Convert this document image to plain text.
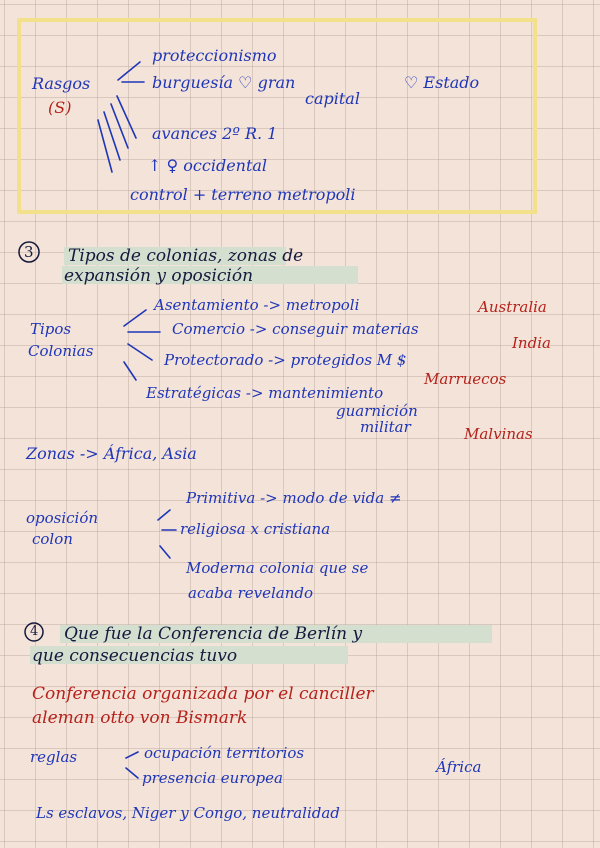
Rasgos
(S)
proteccionismo
burguesía ♡ gran
capital
♡ Estado
avances 2º R. 1
↑ ♀ occidental
control + terreno metropoli
3 Tipos de colonias, zonas de
expansión y oposición
Tipos
Colonias
Asentamiento -> metropoli	Australia
Comercio -> conseguir materias
India
Protectorado -> protegidos M $
Marruecos
Estratégicas -> mantenimiento
guarnición
militar	Malvinas
Zonas -> África, Asia
oposición
colon
Primitiva -> modo de vida ≠
religiosa x cristiana
Moderna colonia que se
acaba revelando
4 Que fue la Conferencia de Berlín y
que consecuencias tuvo
Conferencia organizada por el canciller
aleman otto von Bismark
reglas	ocupación territorios
presencia europea
África
Ls esclavos, Niger y Congo, neutralidad
